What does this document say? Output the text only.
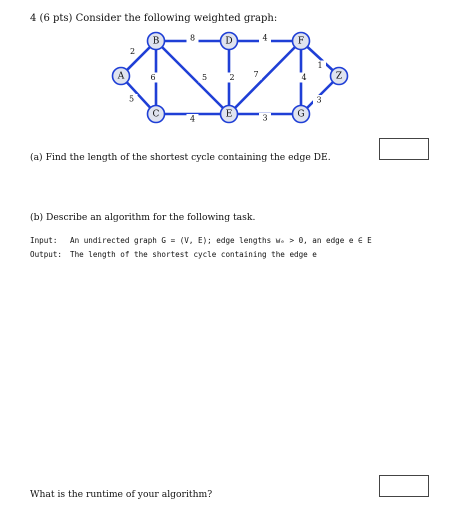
4 (6 pts) Consider the following weighted graph:
2
5
8
6	5
4
2 7	4
1
4	3
3
A
B
C
D
E
F
G
Z
(a) Find the length of the shortest cycle containing the edge DE.
(b) Describe an algorithm for the following task.
Input: An undirected graph G = (V, E); edge lengths wₑ > 0, an edge e ∈ E
Output: The length of the shortest cycle containing the edge e
What is the runtime of your algorithm?
